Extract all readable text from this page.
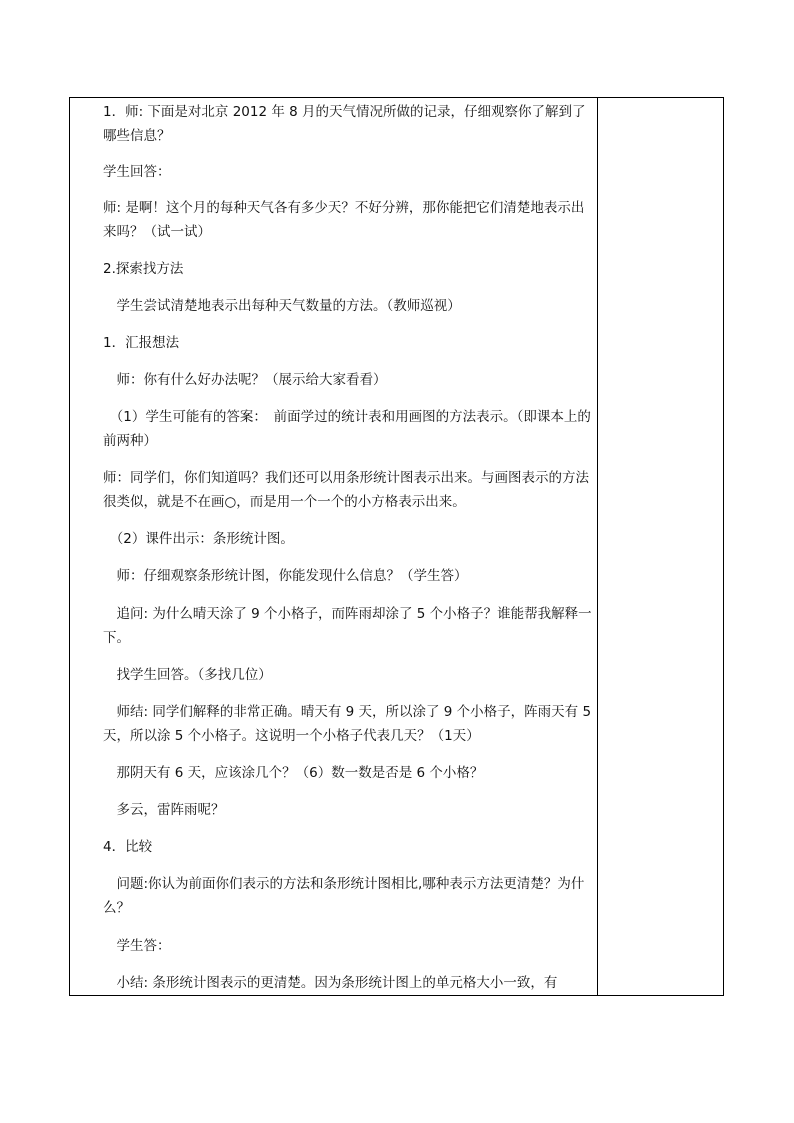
1．师: 下面是对北京 2012 年 8 月的天气情况所做的记录，仔细观察你了解到了哪些信息？
学生回答：
师: 是啊！这个月的每种天气各有多少天？不好分辨，那你能把它们清楚地表示出来吗？（试一试）
2.探索找方法
　学生尝试清楚地表示出每种天气数量的方法。（教师巡视）
1．汇报想法
　师：你有什么好办法呢？（展示给大家看看）
　（1）学生可能有的答案：　前面学过的统计表和用画图的方法表示。（即课本上的前两种）
师：同学们，你们知道吗？我们还可以用条形统计图表示出来。与画图表示的方法很类似，就是不在画○，而是用一个一个的小方格表示出来。
　（2）课件出示：条形统计图。
　师：仔细观察条形统计图，你能发现什么信息？（学生答）
　追问: 为什么晴天涂了 9 个小格子，而阵雨却涂了 5 个小格子？谁能帮我解释一下。
　找学生回答。（多找几位）
　师结: 同学们解释的非常正确。晴天有 9 天，所以涂了 9 个小格子，阵雨天有 5 天，所以涂 5 个小格子。这说明一个小格子代表几天？（1天）
　那阴天有 6 天，应该涂几个？（6）数一数是否是 6 个小格？
　多云，雷阵雨呢？
4．比较
　问题:你认为前面你们表示的方法和条形统计图相比,哪种表示方法更清楚？为什么？
　学生答：
　小结: 条形统计图表示的更清楚。因为条形统计图上的单元格大小一致，有
